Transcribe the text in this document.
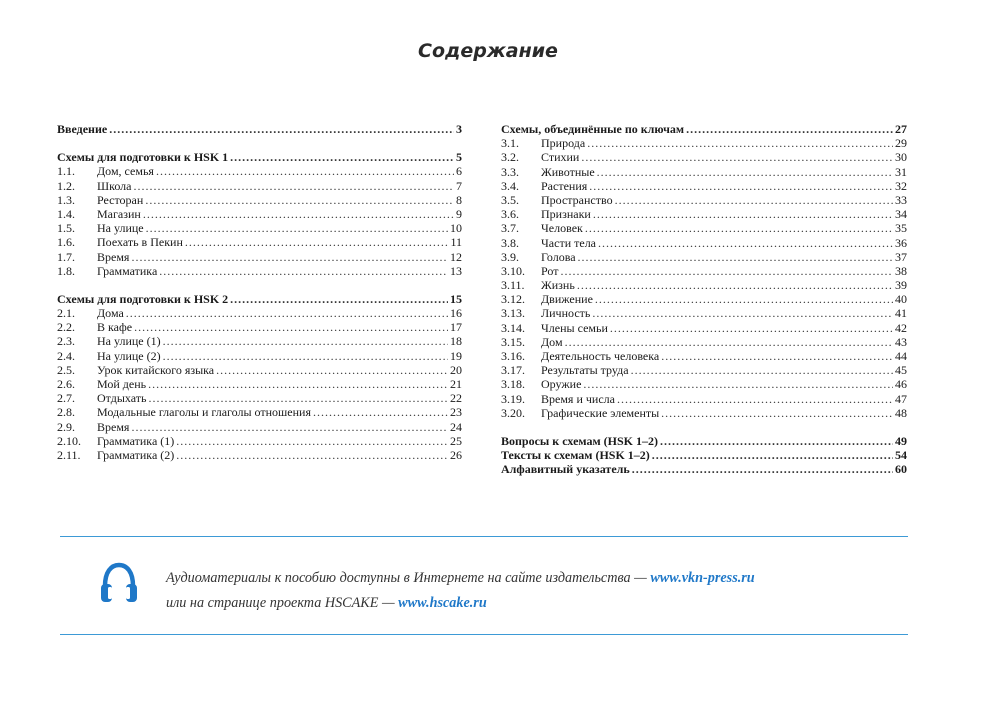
Содержание
Введение .....	3
Схемы для подготовки к HSK 1 .....	5
1.1.	Дом, семья .....	6
1.2.	Школа .....	7
1.3.	Ресторан .....	8
1.4.	Магазин .....	9
1.5.	На улице .....	10
1.6.	Поехать в Пекин .....	11
1.7.	Время .....	12
1.8.	Грамматика .....	13
Схемы для подготовки к HSK 2 .....	15
2.1.	Дома .....	16
2.2.	В кафе .....	17
2.3.	На улице (1) .....	18
2.4.	На улице (2) .....	19
2.5.	Урок китайского языка .....	20
2.6.	Мой день .....	21
2.7.	Отдыхать .....	22
2.8.	Модальные глаголы и глаголы отношения .....	23
2.9.	Время .....	24
2.10.	Грамматика (1) .....	25
2.11.	Грамматика (2) .....	26
Схемы, объединённые по ключам .....	27
3.1.	Природа .....	29
3.2.	Стихии .....	30
3.3.	Животные .....	31
3.4.	Растения .....	32
3.5.	Пространство .....	33
3.6.	Признаки .....	34
3.7.	Человек .....	35
3.8.	Части тела .....	36
3.9.	Голова .....	37
3.10.	Рот .....	38
3.11.	Жизнь .....	39
3.12.	Движение .....	40
3.13.	Личность .....	41
3.14.	Члены семьи .....	42
3.15.	Дом .....	43
3.16.	Деятельность человека .....	44
3.17.	Результаты труда .....	45
3.18.	Оружие .....	46
3.19.	Время и числа .....	47
3.20.	Графические элементы .....	48
Вопросы к схемам (HSK 1–2) .....	49
Тексты к схемам (HSK 1–2) .....	54
Алфавитный указатель .....	60
Аудиоматериалы к пособию доступны в Интернете на сайте издательства — www.vkn-press.ru
или на странице проекта HSCAKE — www.hscake.ru
